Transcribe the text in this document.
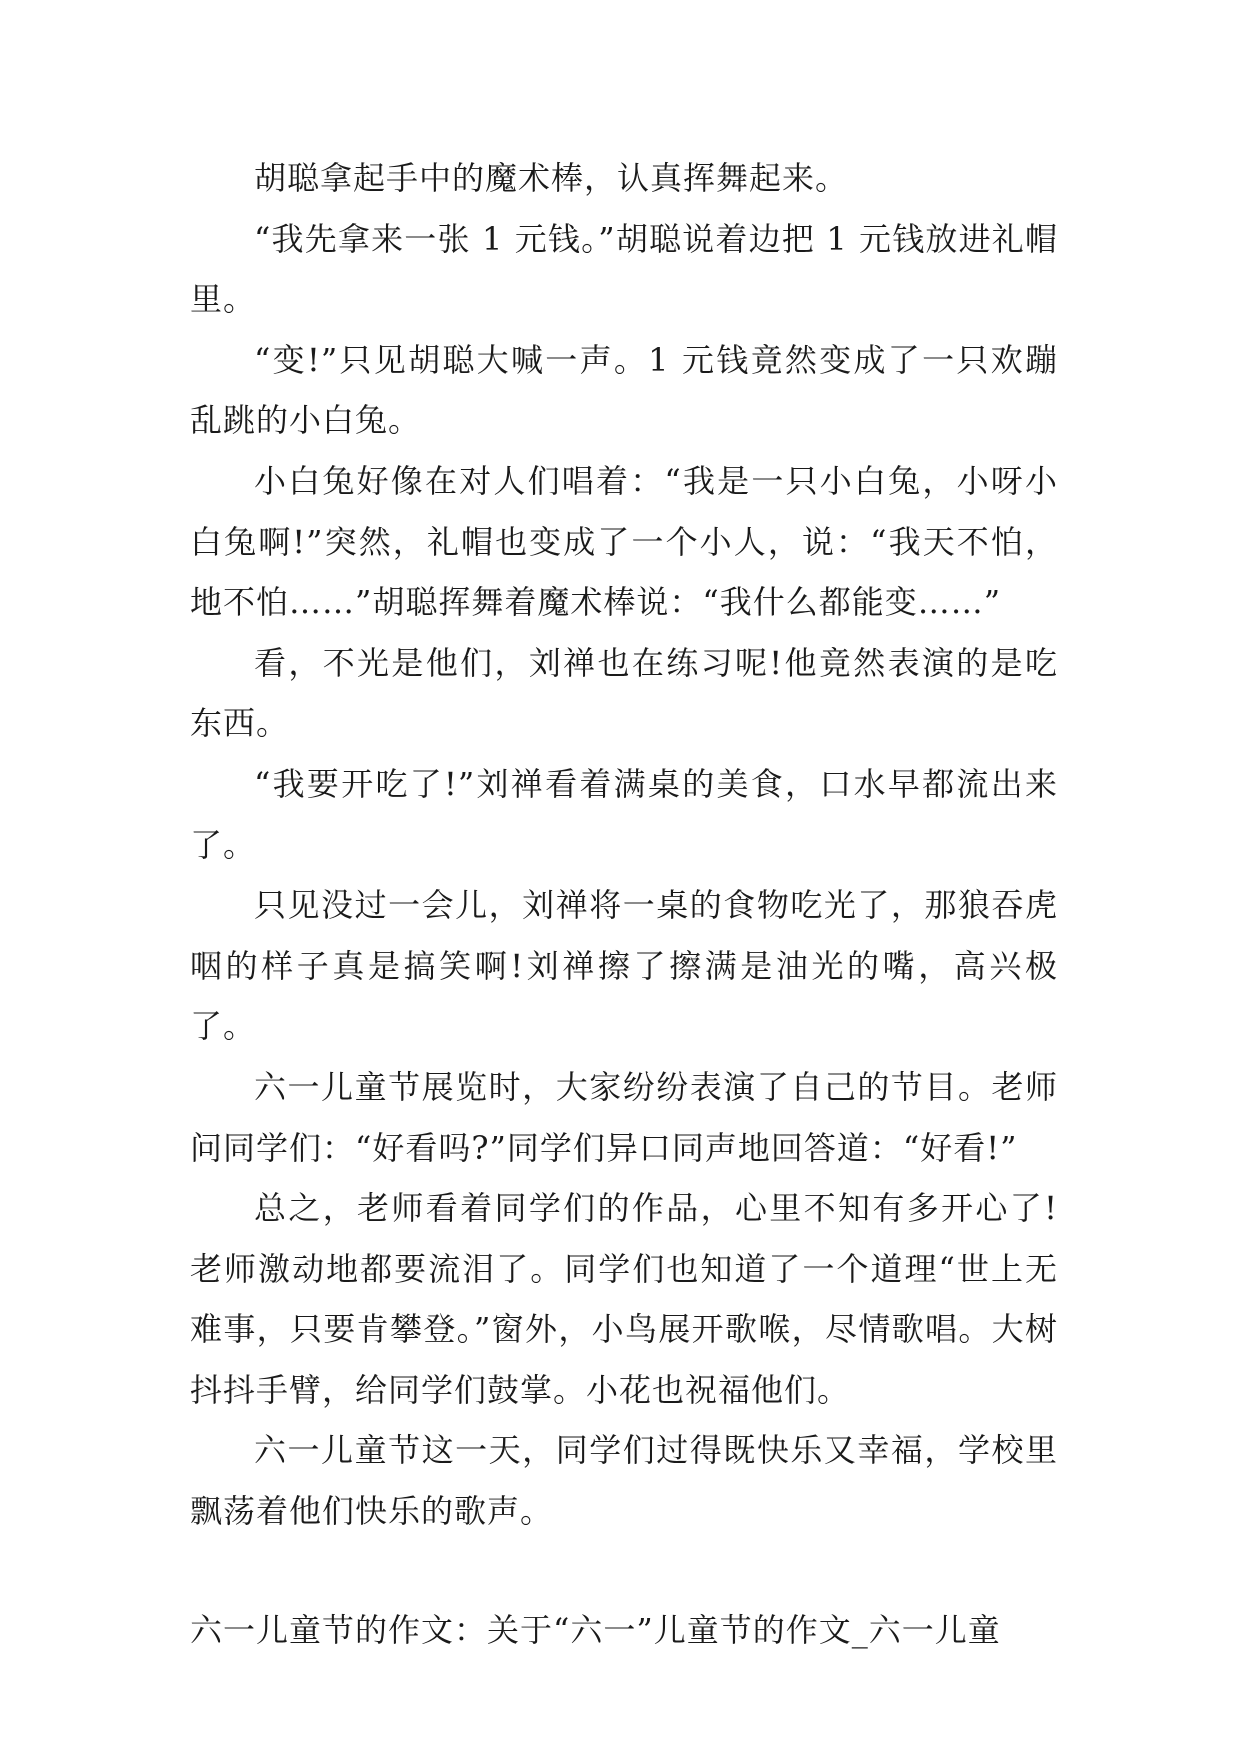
胡聪拿起手中的魔术棒，认真挥舞起来。

“我先拿来一张 1 元钱。”胡聪说着边把 1 元钱放进礼帽里。

“变!”只见胡聪大喊一声。1 元钱竟然变成了一只欢蹦乱跳的小白兔。

小白兔好像在对人们唱着：“我是一只小白兔，小呀小白兔啊!”突然，礼帽也变成了一个小人，说：“我天不怕，地不怕……”胡聪挥舞着魔术棒说：“我什么都能变……”

看，不光是他们，刘禅也在练习呢!他竟然表演的是吃东西。

“我要开吃了!”刘禅看着满桌的美食，口水早都流出来了。

只见没过一会儿，刘禅将一桌的食物吃光了，那狼吞虎咽的样子真是搞笑啊!刘禅擦了擦满是油光的嘴，高兴极了。

六一儿童节展览时，大家纷纷表演了自己的节目。老师问同学们：“好看吗?”同学们异口同声地回答道：“好看!”

总之，老师看着同学们的作品，心里不知有多开心了!老师激动地都要流泪了。同学们也知道了一个道理“世上无难事，只要肯攀登。”窗外，小鸟展开歌喉，尽情歌唱。大树抖抖手臂，给同学们鼓掌。小花也祝福他们。

六一儿童节这一天，同学们过得既快乐又幸福，学校里飘荡着他们快乐的歌声。

六一儿童节的作文：关于“六一”儿童节的作文_六一儿童
